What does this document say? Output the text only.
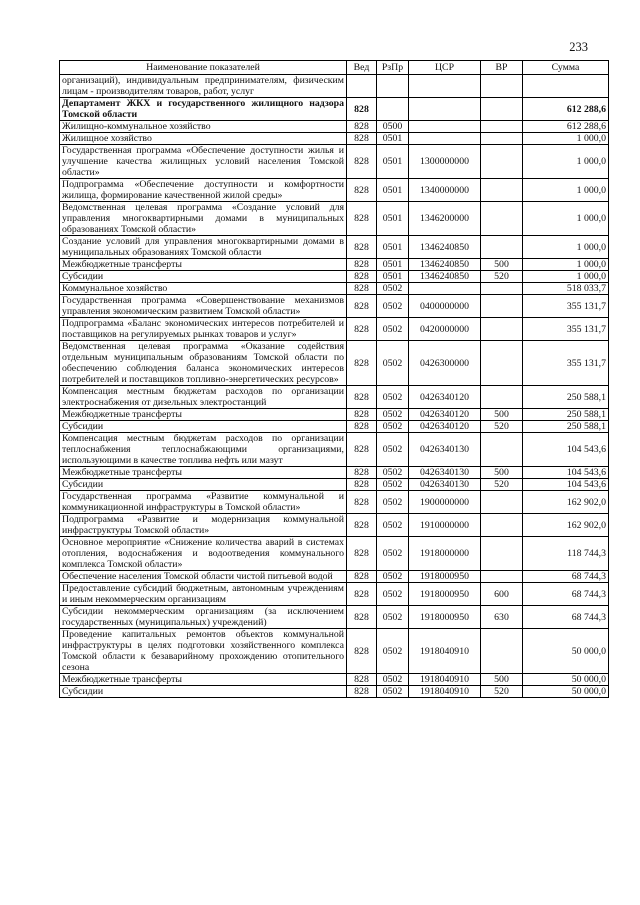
233
Наименование показателей	Вед	РзПр	ЦСР	ВР	Сумма
организаций), индивидуальным предпринимателям, физическим лицам - производителям товаров, работ, услуг					
Департамент ЖКХ и государственного жилищного надзора Томской области	828				612 288,6
Жилищно-коммунальное хозяйство	828	0500			612 288,6
Жилищное хозяйство	828	0501			1 000,0
Государственная программа «Обеспечение доступности жилья и улучшение качества жилищных условий населения Томской области»	828	0501	1300000000		1 000,0
Подпрограмма «Обеспечение доступности и комфортности жилища, формирование качественной жилой среды»	828	0501	1340000000		1 000,0
Ведомственная целевая программа «Создание условий для управления многоквартирными домами в муниципальных образованиях Томской области»	828	0501	1346200000		1 000,0
Создание условий для управления многоквартирными домами в муниципальных образованиях Томской области	828	0501	1346240850		1 000,0
Межбюджетные трансферты	828	0501	1346240850	500	1 000,0
Субсидии	828	0501	1346240850	520	1 000,0
Коммунальное хозяйство	828	0502			518 033,7
Государственная программа «Совершенствование механизмов управления экономическим развитием Томской области»	828	0502	0400000000		355 131,7
Подпрограмма «Баланс экономических интересов потребителей и поставщиков на регулируемых рынках товаров и услуг»	828	0502	0420000000		355 131,7
Ведомственная целевая программа «Оказание содействия отдельным муниципальным образованиям Томской области по обеспечению соблюдения баланса экономических интересов потребителей и поставщиков топливно-энергетических ресурсов»	828	0502	0426300000		355 131,7
Компенсация местным бюджетам расходов по организации электроснабжения от дизельных электростанций	828	0502	0426340120		250 588,1
Межбюджетные трансферты	828	0502	0426340120	500	250 588,1
Субсидии	828	0502	0426340120	520	250 588,1
Компенсация местным бюджетам расходов по организации теплоснабжения теплоснабжающими организациями, использующими в качестве топлива нефть или мазут	828	0502	0426340130		104 543,6
Межбюджетные трансферты	828	0502	0426340130	500	104 543,6
Субсидии	828	0502	0426340130	520	104 543,6
Государственная программа «Развитие коммунальной и коммуникационной инфраструктуры в Томской области»	828	0502	1900000000		162 902,0
Подпрограмма «Развитие и модернизация коммунальной инфраструктуры Томской области»	828	0502	1910000000		162 902,0
Основное мероприятие «Снижение количества аварий в системах отопления, водоснабжения и водоотведения коммунального комплекса Томской области»	828	0502	1918000000		118 744,3
Обеспечение населения Томской области чистой питьевой водой	828	0502	1918000950		68 744,3
Предоставление субсидий бюджетным, автономным учреждениям и иным некоммерческим организациям	828	0502	1918000950	600	68 744,3
Субсидии некоммерческим организациям (за исключением государственных (муниципальных) учреждений)	828	0502	1918000950	630	68 744,3
Проведение капитальных ремонтов объектов коммунальной инфраструктуры в целях подготовки хозяйственного комплекса Томской области к безаварийному прохождению отопительного сезона	828	0502	1918040910		50 000,0
Межбюджетные трансферты	828	0502	1918040910	500	50 000,0
Субсидии	828	0502	1918040910	520	50 000,0
